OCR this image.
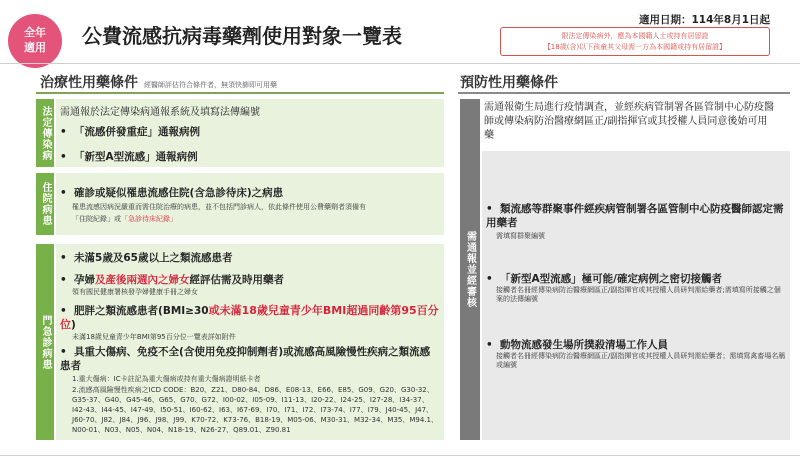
全年
適用	公費流感抗病毒藥劑使用對象一覽表
適用日期：114年8月1日起
限法定傳染病外，應為本國籍人士或持有居留證
【18歲(含)以下孩童其父母需一方為本國籍或持有居留證】
治療性用藥條件 經醫師評估符合條件者，無須快篩即可用藥
法定傳染病 需通報於法定傳染病通報系統及填寫法傳編號
•  「流感併發重症」通報病例
•  「新型A型流感」通報病例
住院病患 •  確診或疑似罹患流感住院(含急診待床)之病患
罹患流感因病況嚴重而需住院治療的病患，並不包括門診病人，依此條件使用公費藥劑者須備有
「住院紀錄」或「急診待床紀錄」
門急診病患
•  未滿5歲及65歲以上之類流感患者
•  孕婦及產後兩週內之婦女經評估需及時用藥者
領有國民健康署核發孕婦健康手冊之婦女
•  肥胖之類流感患者(BMI≥30或未滿18歲兒童青少年BMI超過同齡第95百分位)
未滿18歲兒童青少年BMI第95百分位一覽表詳如附件
•  具重大傷病、免疫不全(含使用免疫抑制劑者)或流感高風險慢性疾病之類流感患者
1.重大傷病：IC卡註記為重大傷病或持有重大傷病證明紙卡者
2.流感高風險慢性疾病之ICD CODE：B20、Z21、D80-84、D86、E08-13、E66、E85、G09、G20、G30-32、G35-37、G40、G45-46、G65、G70、G72、I00-02、I05-09、I11-13、I20-22、I24-25、I27-28、I34-37、I42-43、I44-45、I47-49、I50-51、I60-62、I63、I67-69、I70、I71、I72、I73-74、I77、I79、J40-45、J47、J60-70、J82、J84、J96、J98、J99、K70-72、K73-76、B18-19、M05-06、M30-31、M32-34、M35、M94.1、N00-01、N03、N05、N04、N18-19、N26-27、Q89.01、Z90.81
預防性用藥條件
需通報並經審核
需通報衛生局進行疫情調查，並經疾病管制署各區管制中心防疫醫師或傳染病防治醫療網區正/副指揮官或其授權人員同意後始可用藥
•  類流感等群聚事件經疾病管制署各區管制中心防疫醫師認定需用藥者
需填寫群聚編號
•  「新型A型流感」極可能/確定病例之密切接觸者
接觸者名冊經傳染病防治醫療網區正/副指揮官或其授權人員研判需給藥者;需填寫所接觸之個案的法傳編號
•  動物流感發生場所撲殺清場工作人員
接觸者名冊經傳染病防治醫療網區正/副指揮官或其授權人員研判需給藥者；需填寫禽畜場名稱或編號
